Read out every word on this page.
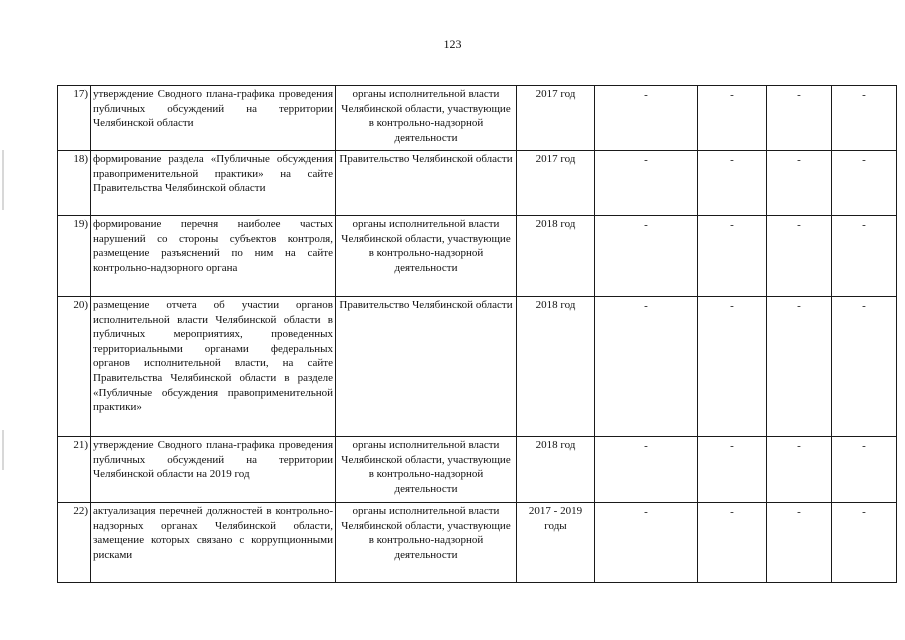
123
17)	утверждение Сводного плана-графика проведения публичных обсуждений на территории Челябинской области	органы исполнительной власти Челябинской области, участвующие в контрольно-надзорной деятельности	2017 год	-	-	-	-
18)	формирование раздела «Публичные обсуждения правоприменительной практики» на сайте Правительства Челябинской области	Правительство Челябинской области	2017 год	-	-	-	-
19)	формирование перечня наиболее частых нарушений со стороны субъектов контроля, размещение разъяснений по ним на сайте контрольно-надзорного органа	органы исполнительной власти Челябинской области, участвующие в контрольно-надзорной деятельности	2018 год	-	-	-	-
20)	размещение отчета об участии органов исполнительной власти Челябинской области в публичных мероприятиях, проведенных территориальными органами федеральных органов исполнительной власти, на сайте Правительства Челябинской области в разделе «Публичные обсуждения правоприменительной практики»	Правительство Челябинской области	2018 год	-	-	-	-
21)	утверждение Сводного плана-графика проведения публичных обсуждений на территории Челябинской области на 2019 год	органы исполнительной власти Челябинской области, участвующие в контрольно-надзорной деятельности	2018 год	-	-	-	-
22)	актуализация перечней должностей в контрольно-надзорных органах Челябинской области, замещение которых связано с коррупционными рисками	органы исполнительной власти Челябинской области, участвующие в контрольно-надзорной деятельности	2017 - 2019 годы	-	-	-	-
